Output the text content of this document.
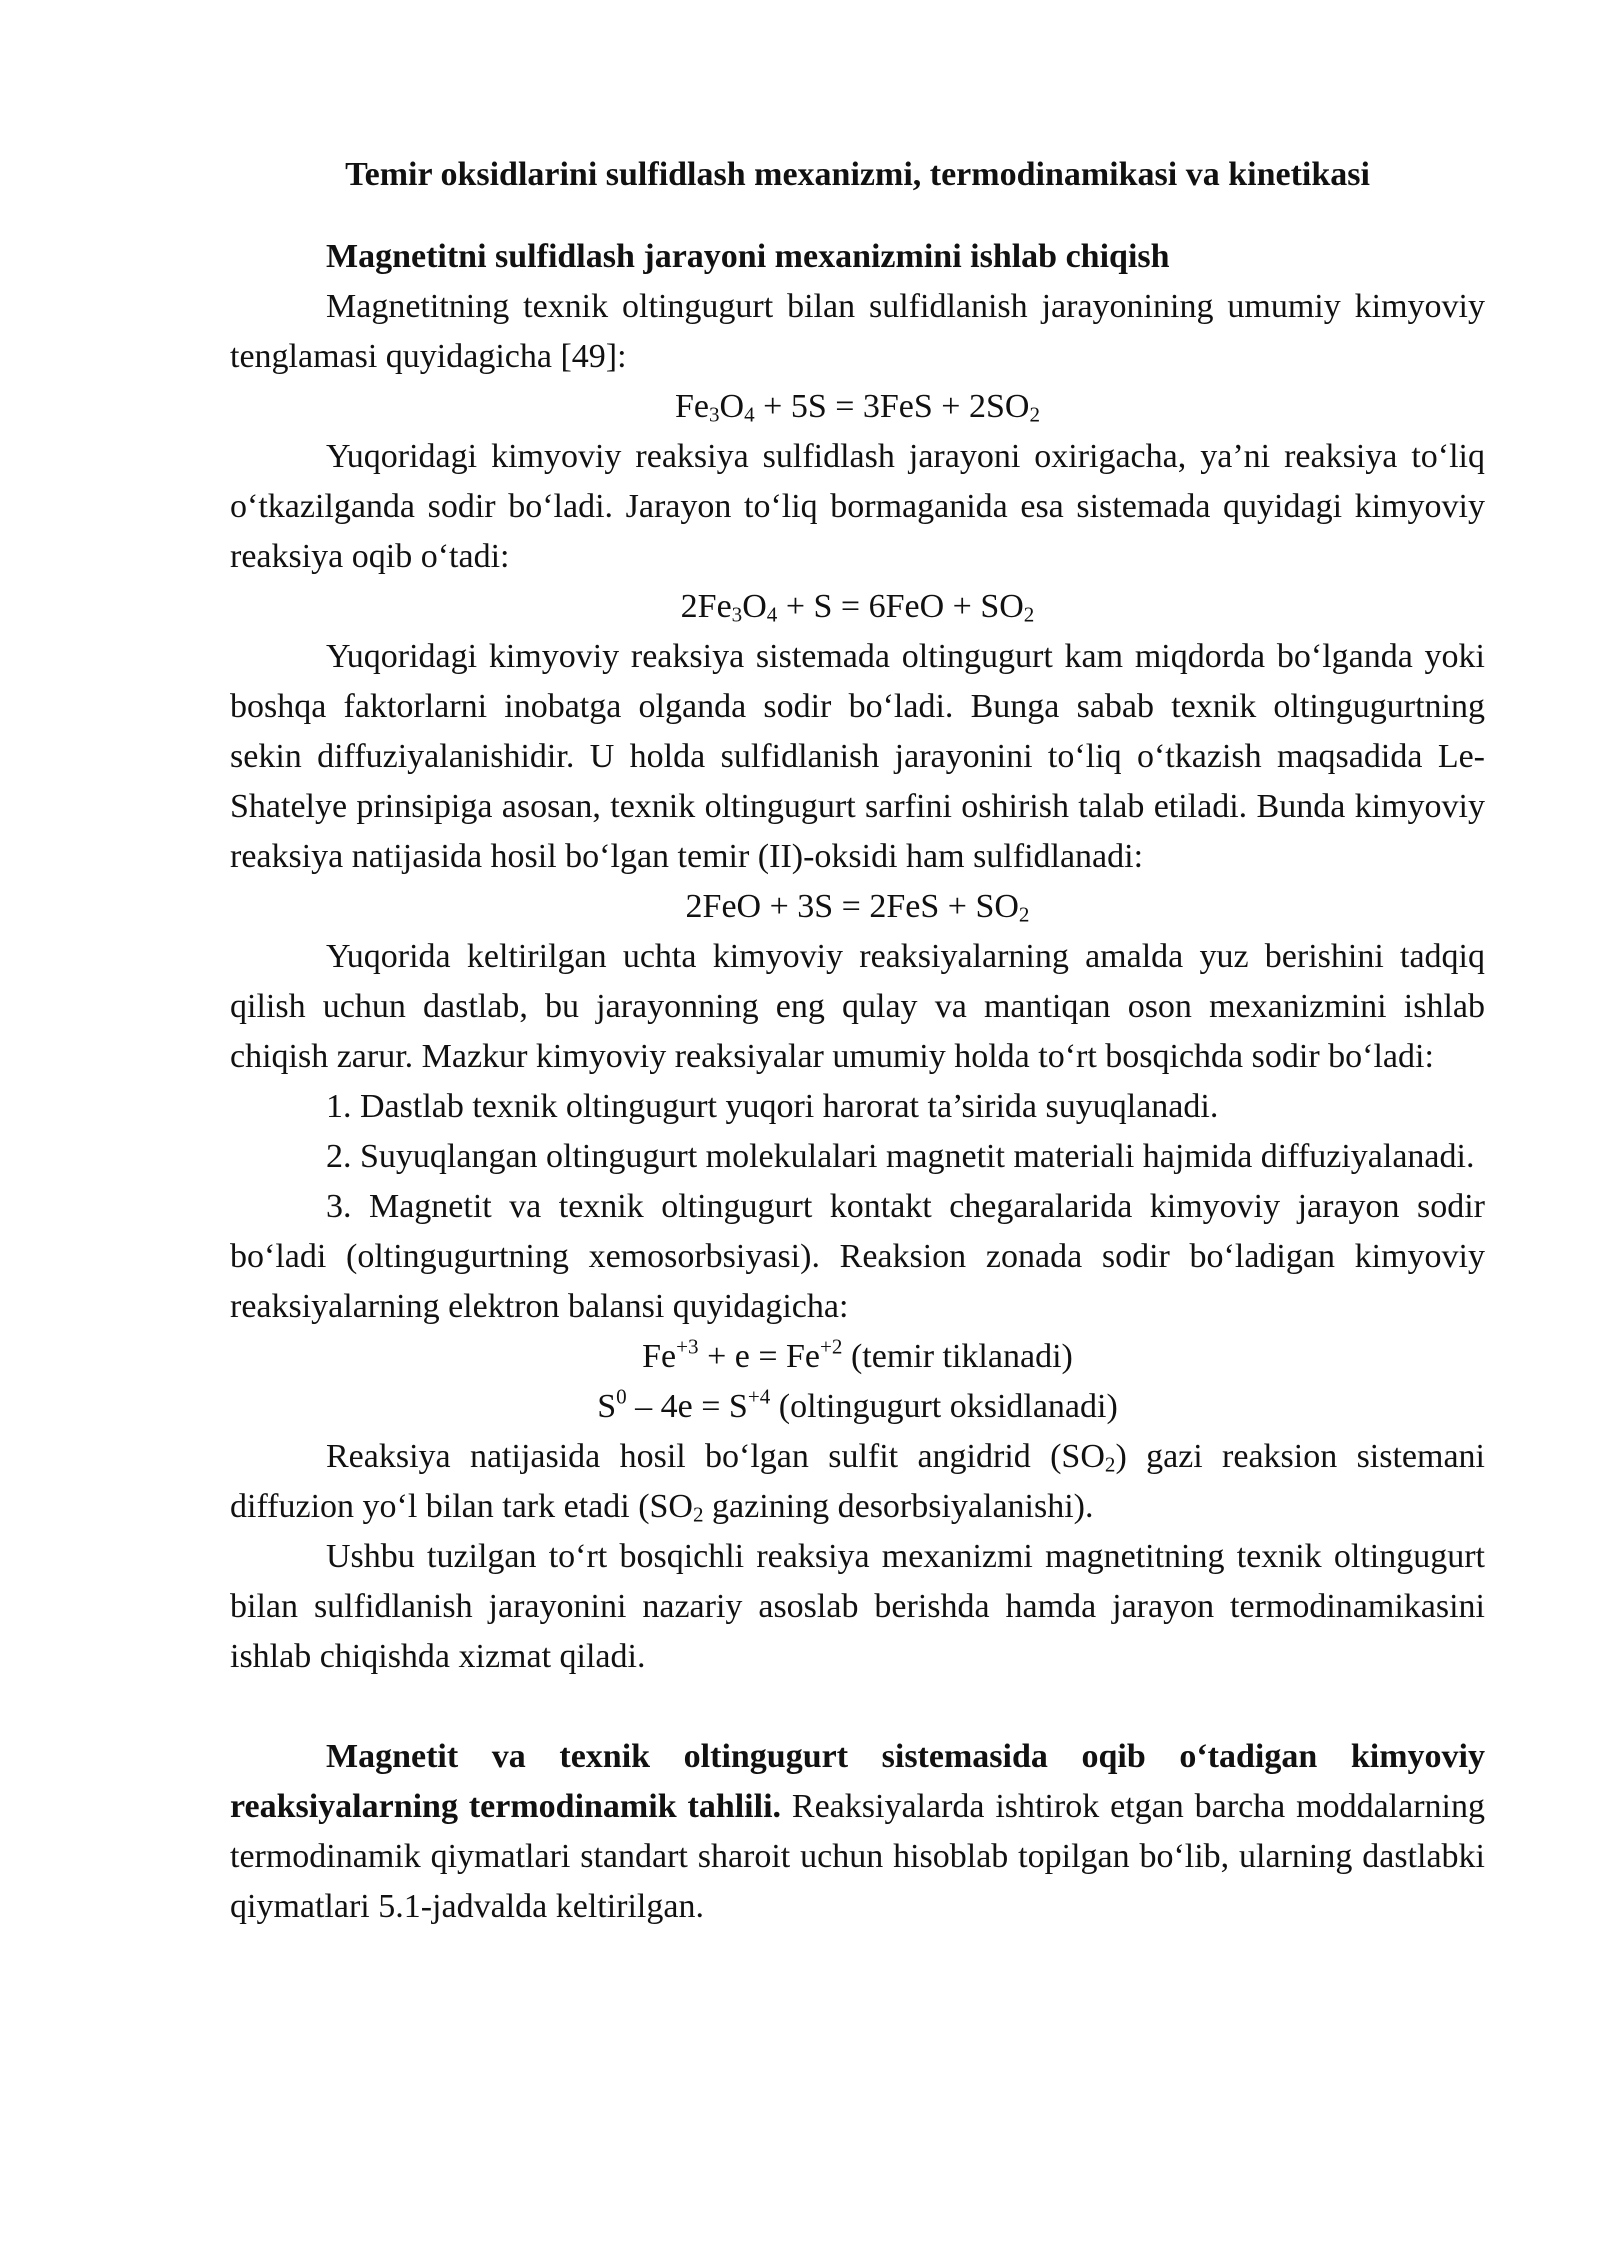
Temir oksidlarini sulfidlash mexanizmi, termodinamikasi va kinetikasi
Magnetitni sulfidlash jarayoni mexanizmini ishlab chiqish

Magnetitning texnik oltingugurt bilan sulfidlanish jarayonining umumiy kimyoviy tenglamasi quyidagicha [49]:

$Fe_3O_4 + 5S = 3FeS + 2SO_2$

Yuqoridagi kimyoviy reaksiya sulfidlash jarayoni oxirigacha, ya’ni reaksiya to‘liq o‘tkazilganda sodir bo‘ladi. Jarayon to‘liq bormaganida esa sistemada quyidagi kimyoviy reaksiya oqib o‘tadi:

$2Fe_3O_4 + S = 6FeO + SO_2$

Yuqoridagi kimyoviy reaksiya sistemada oltingugurt kam miqdorda bo‘lganda yoki boshqa faktorlarni inobatga olganda sodir bo‘ladi. Bunga sabab texnik oltingugurtning sekin diffuziyalanishidir. U holda sulfidlanish jarayonini to‘liq o‘tkazish maqsadida Le-Shatelye prinsipiga asosan, texnik oltingugurt sarfini oshirish talab etiladi. Bunda kimyoviy reaksiya natijasida hosil bo‘lgan temir (II)-oksidi ham sulfidlanadi:

$2FeO + 3S = 2FeS + SO_2$

Yuqorida keltirilgan uchta kimyoviy reaksiyalarning amalda yuz berishini tadqiq qilish uchun dastlab, bu jarayonning eng qulay va mantiqan oson mexanizmini ishlab chiqish zarur. Mazkur kimyoviy reaksiyalar umumiy holda to‘rt bosqichda sodir bo‘ladi:

1. Dastlab texnik oltingugurt yuqori harorat ta’sirida suyuqlanadi.

2. Suyuqlangan oltingugurt molekulalari magnetit materiali hajmida diffuziyalanadi.

3. Magnetit va texnik oltingugurt kontakt chegaralarida kimyoviy jarayon sodir bo‘ladi (oltingugurtning xemosorbsiyasi). Reaksion zonada sodir bo‘ladigan kimyoviy reaksiyalarning elektron balansi quyidagicha:

$Fe^{+3} + e = Fe^{+2}$ (temir tiklanadi)

$S^0 - 4e = S^{+4}$ (oltingugurt oksidlanadi)

Reaksiya natijasida hosil bo‘lgan sulfit angidrid $(SO_2)$ gazi reaksion sistemani diffuzion yo‘l bilan tark etadi ($SO_2$ gazining desorbsiyalanishi).

Ushbu tuzilgan to‘rt bosqichli reaksiya mexanizmi magnetitning texnik oltingugurt bilan sulfidlanish jarayonini nazariy asoslab berishda hamda jarayon termodinamikasini ishlab chiqishda xizmat qiladi.

Magnetit va texnik oltingugurt sistemasida oqib o‘tadigan kimyoviy reaksiyalarning termodinamik tahlili. Reaksiyalarda ishtirok etgan barcha moddalarning termodinamik qiymatlari standart sharoit uchun hisoblab topilgan bo‘lib, ularning dastlabki qiymatlari 5.1-jadvalda keltirilgan.
